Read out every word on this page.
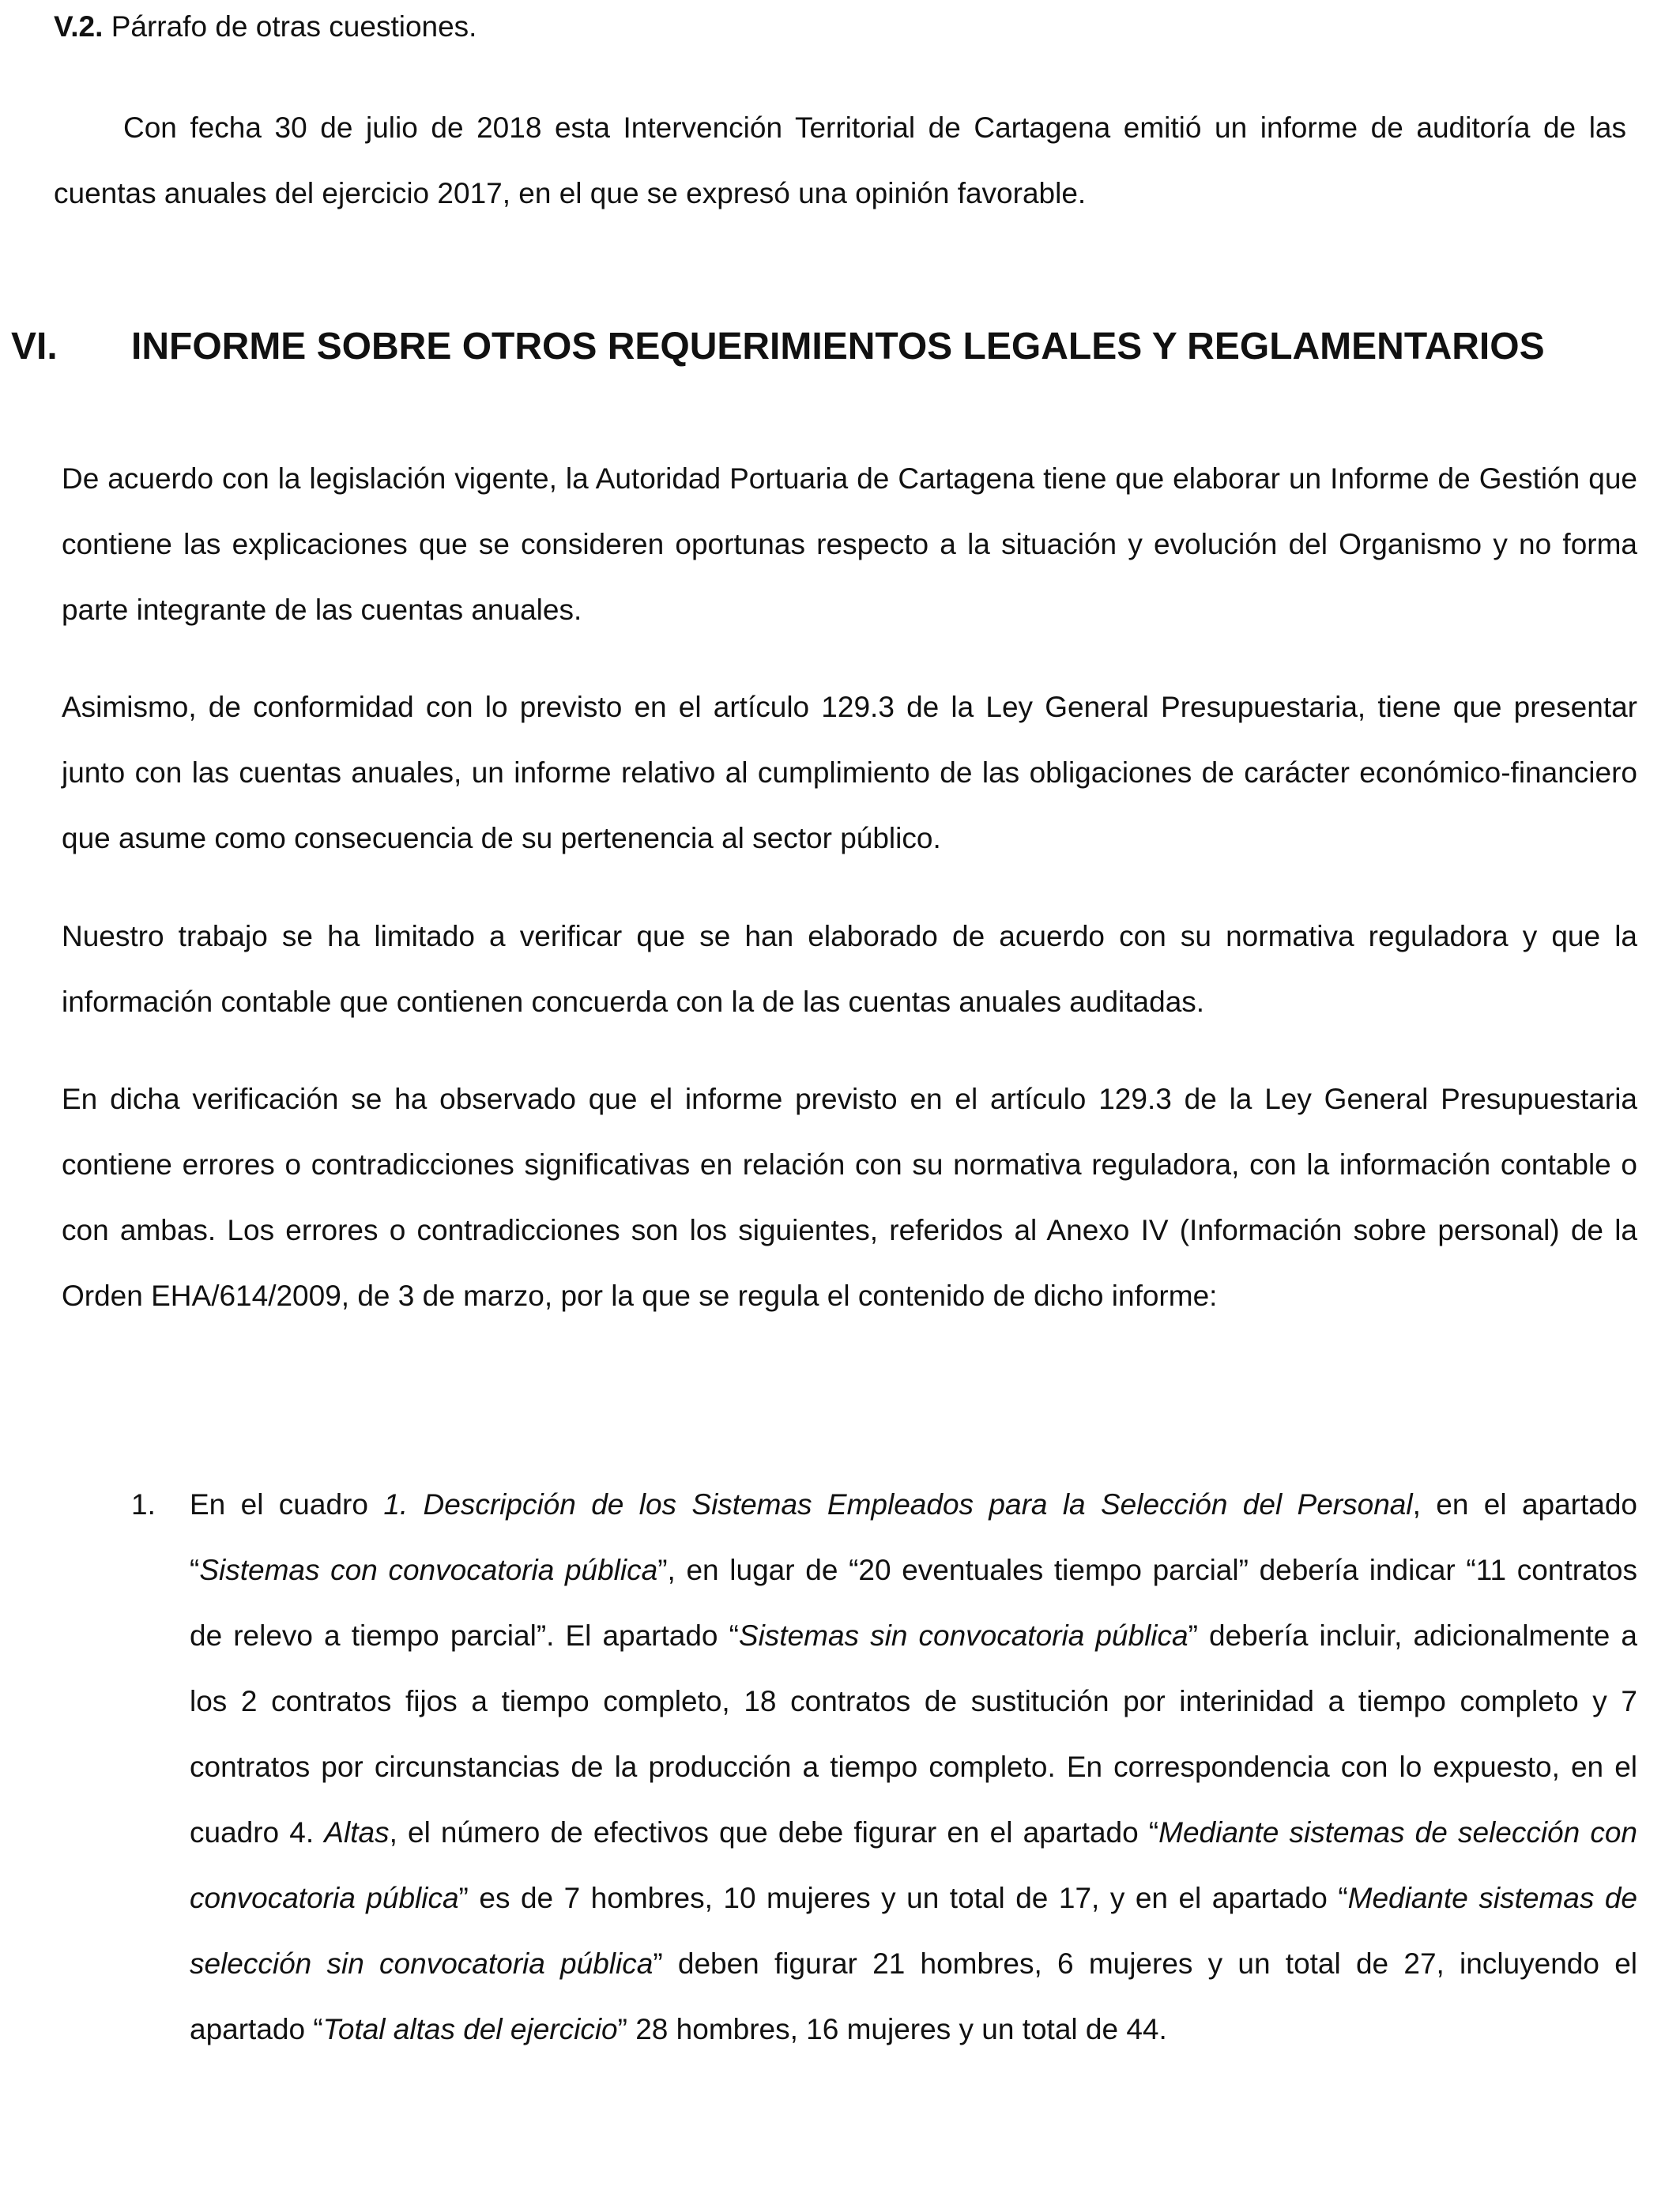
V.2. Párrafo de otras cuestiones.

Con fecha 30 de julio de 2018 esta Intervención Territorial de Cartagena emitió un informe de auditoría de las cuentas anuales del ejercicio 2017, en el que se expresó una opinión favorable.

VI. INFORME SOBRE OTROS REQUERIMIENTOS LEGALES Y REGLAMENTARIOS

De acuerdo con la legislación vigente, la Autoridad Portuaria de Cartagena tiene que elaborar un Informe de Gestión que contiene las explicaciones que se consideren oportunas respecto a la situación y evolución del Organismo y no forma parte integrante de las cuentas anuales.

Asimismo, de conformidad con lo previsto en el artículo 129.3 de la Ley General Presupuestaria, tiene que presentar junto con las cuentas anuales, un informe relativo al cumplimiento de las obligaciones de carácter económico-financiero que asume como consecuencia de su pertenencia al sector público.

Nuestro trabajo se ha limitado a verificar que se han elaborado de acuerdo con su normativa reguladora y que la información contable que contienen concuerda con la de las cuentas anuales auditadas.

En dicha verificación se ha observado que el informe previsto en el artículo 129.3 de la Ley General Presupuestaria contiene errores o contradicciones significativas en relación con su normativa reguladora, con la información contable o con ambas. Los errores o contradicciones son los siguientes, referidos al Anexo IV (Información sobre personal) de la Orden EHA/614/2009, de 3 de marzo, por la que se regula el contenido de dicho informe:

1.	En el cuadro 1. Descripción de los Sistemas Empleados para la Selección del Personal, en el apartado “Sistemas con convocatoria pública”, en lugar de “20 eventuales tiempo parcial” debería indicar “11 contratos de relevo a tiempo parcial”. El apartado “Sistemas sin convocatoria pública” debería incluir, adicionalmente a los 2 contratos fijos a tiempo completo, 18 contratos de sustitución por interinidad a tiempo completo y 7 contratos por circunstancias de la producción a tiempo completo. En correspondencia con lo expuesto, en el cuadro 4. Altas, el número de efectivos que debe figurar en el apartado “Mediante sistemas de selección con convocatoria pública” es de 7 hombres, 10 mujeres y un total de 17, y en el apartado “Mediante sistemas de selección sin convocatoria pública” deben figurar 21 hombres, 6 mujeres y un total de 27, incluyendo el apartado “Total altas del ejercicio” 28 hombres, 16 mujeres y un total de 44.
